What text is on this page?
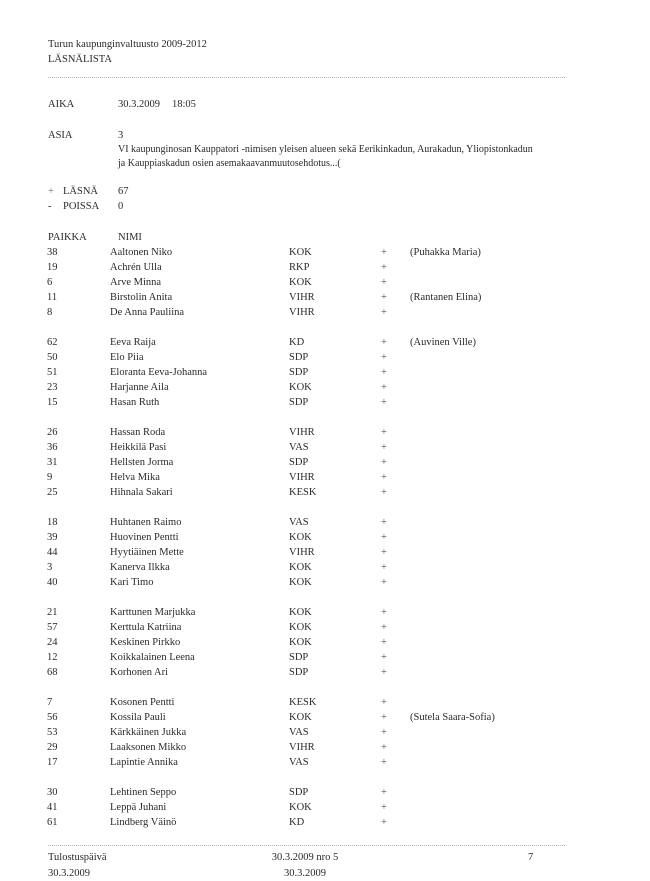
Turun kaupunginvaltuusto 2009-2012
LÄSNÄLISTA
AIKA	30.3.2009 18:05
ASIA	3
VI kaupunginosan Kauppatori -nimisen yleisen alueen sekä Eerikinkadun, Aurakadun, Yliopistonkadun
ja Kauppiaskadun osien asemakaavanmuutosehdotus...(
+ LÄSNÄ 67
- POISSA 0
PAIKKA	NIMI
38	Aaltonen Niko	KOK	+ (Puhakka Maria)
19	Achrén Ulla	RKP	+
6	Arve Minna	KOK	+
11	Birstolin Anita	VIHR	+ (Rantanen Elina)
8	De Anna Pauliina	VIHR	+
62	Eeva Raija	KD	+ (Auvinen Ville)
50	Elo Piia	SDP	+
51	Eloranta Eeva-Johanna	SDP	+
23	Harjanne Aila	KOK	+
15	Hasan Ruth	SDP	+
26	Hassan Roda	VIHR	+
36	Heikkilä Pasi	VAS	+
31	Hellsten Jorma	SDP	+
9	Helva Mika	VIHR	+
25	Hihnala Sakari	KESK	+
18	Huhtanen Raimo	VAS	+
39	Huovinen Pentti	KOK	+
44	Hyytiäinen Mette	VIHR	+
3	Kanerva Ilkka	KOK	+
40	Kari Timo	KOK	+
21	Karttunen Marjukka	KOK	+
57	Kerttula Katriina	KOK	+
24	Keskinen Pirkko	KOK	+
12	Koikkalainen Leena	SDP	+
68	Korhonen Ari	SDP	+
7	Kosonen Pentti	KESK	+
56	Kossila Pauli	KOK	+ (Sutela Saara-Sofia)
53	Kärkkäinen Jukka	VAS	+
29	Laaksonen Mikko	VIHR	+
17	Lapintie Annika	VAS	+
30	Lehtinen Seppo	SDP	+
41	Leppä Juhani	KOK	+
61	Lindberg Väinö	KD	+
Tulostuspäivä
30.3.2009
30.3.2009 nro 5
30.3.2009
7
